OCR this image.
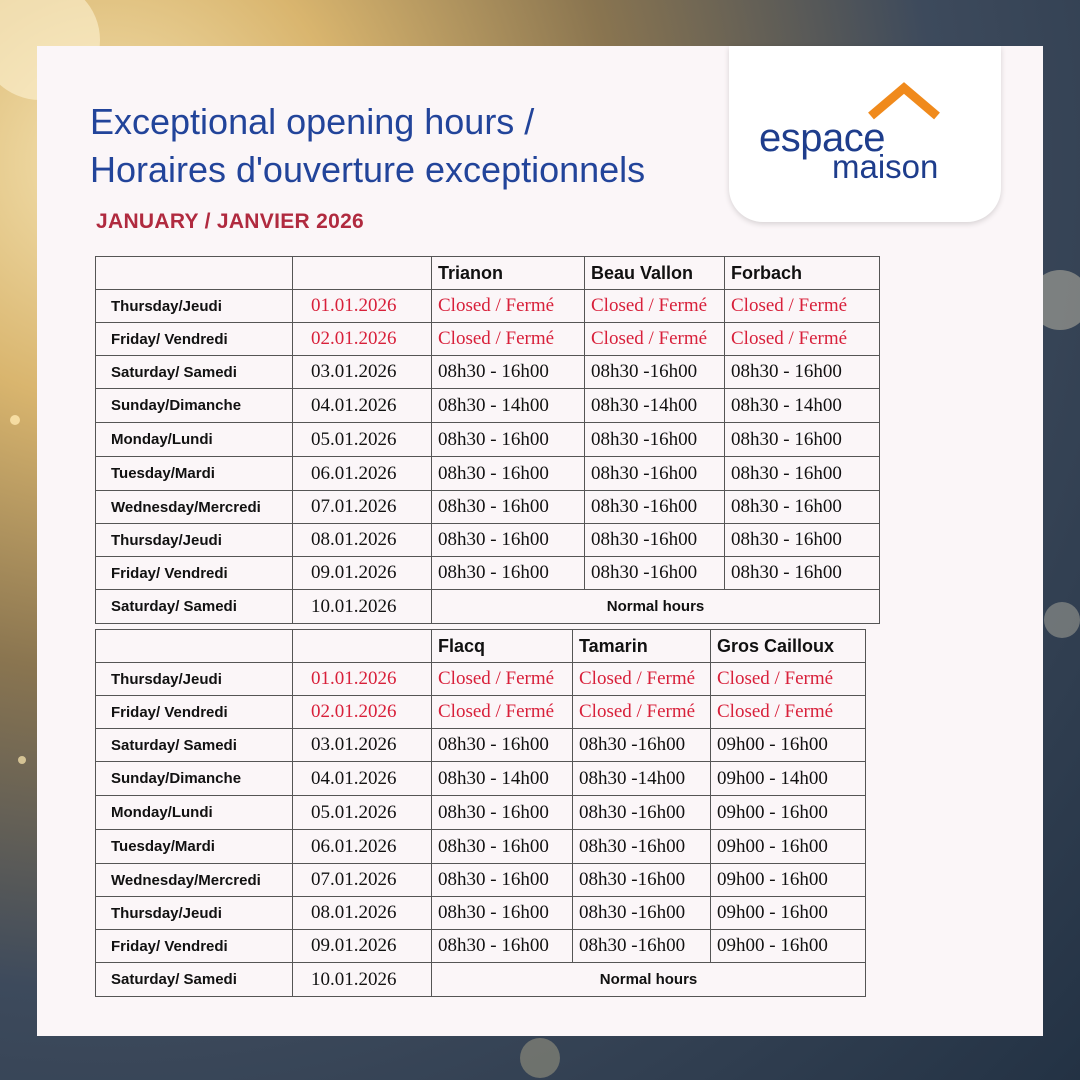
espace
maison
Exceptional opening hours /
Horaires d'ouverture exceptionnels
JANUARY / JANVIER 2026
		Trianon	Beau Vallon	Forbach
Thursday/Jeudi	01.01.2026	Closed / Fermé	Closed / Fermé	Closed / Fermé
Friday/ Vendredi	02.01.2026	Closed / Fermé	Closed / Fermé	Closed / Fermé
Saturday/ Samedi	03.01.2026	08h30 - 16h00	08h30 -16h00	08h30 - 16h00
Sunday/Dimanche	04.01.2026	08h30 - 14h00	08h30 -14h00	08h30 - 14h00
Monday/Lundi	05.01.2026	08h30 - 16h00	08h30 -16h00	08h30 - 16h00
Tuesday/Mardi	06.01.2026	08h30 - 16h00	08h30 -16h00	08h30 - 16h00
Wednesday/Mercredi	07.01.2026	08h30 - 16h00	08h30 -16h00	08h30 - 16h00
Thursday/Jeudi	08.01.2026	08h30 - 16h00	08h30 -16h00	08h30 - 16h00
Friday/ Vendredi	09.01.2026	08h30 - 16h00	08h30 -16h00	08h30 - 16h00
Saturday/ Samedi	10.01.2026	Normal hours		
		Flacq	Tamarin	Gros Cailloux
Thursday/Jeudi	01.01.2026	Closed / Fermé	Closed / Fermé	Closed / Fermé
Friday/ Vendredi	02.01.2026	Closed / Fermé	Closed / Fermé	Closed / Fermé
Saturday/ Samedi	03.01.2026	08h30 - 16h00	08h30 -16h00	09h00 - 16h00
Sunday/Dimanche	04.01.2026	08h30 - 14h00	08h30 -14h00	09h00 - 14h00
Monday/Lundi	05.01.2026	08h30 - 16h00	08h30 -16h00	09h00 - 16h00
Tuesday/Mardi	06.01.2026	08h30 - 16h00	08h30 -16h00	09h00 - 16h00
Wednesday/Mercredi	07.01.2026	08h30 - 16h00	08h30 -16h00	09h00 - 16h00
Thursday/Jeudi	08.01.2026	08h30 - 16h00	08h30 -16h00	09h00 - 16h00
Friday/ Vendredi	09.01.2026	08h30 - 16h00	08h30 -16h00	09h00 - 16h00
Saturday/ Samedi	10.01.2026	Normal hours		
